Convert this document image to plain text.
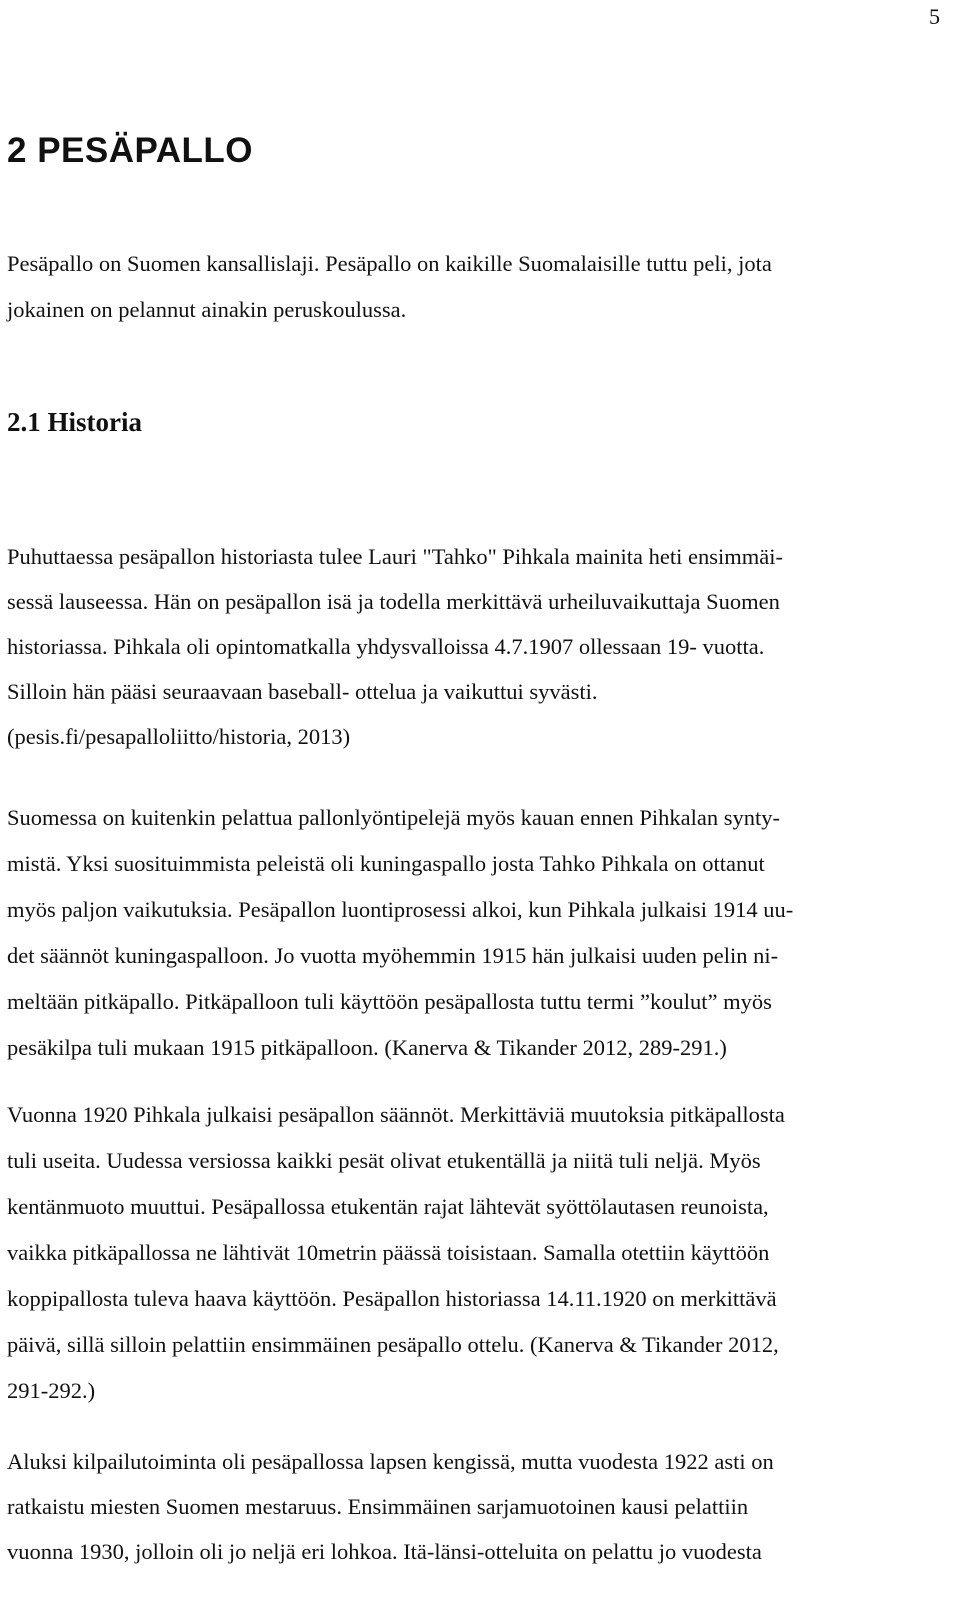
5
2 PESÄPALLO

Pesäpallo on Suomen kansallislaji. Pesäpallo on kaikille Suomalaisille tuttu peli, jota
jokainen on pelannut ainakin peruskoulussa.

2.1 Historia

Puhuttaessa pesäpallon historiasta tulee Lauri "Tahko" Pihkala mainita heti ensimmäi-
sessä lauseessa. Hän on pesäpallon isä ja todella merkittävä urheiluvaikuttaja Suomen
historiassa. Pihkala oli opintomatkalla yhdysvalloissa 4.7.1907 ollessaan 19- vuotta.
Silloin hän pääsi seuraavaan baseball- ottelua ja vaikuttui syvästi.
(pesis.fi/pesapalloliitto/historia, 2013)

Suomessa on kuitenkin pelattua pallonlyöntipelejä myös kauan ennen Pihkalan synty-
mistä. Yksi suosituimmista peleistä oli kuningaspallo josta Tahko Pihkala on ottanut
myös paljon vaikutuksia. Pesäpallon luontiprosessi alkoi, kun Pihkala julkaisi 1914 uu-
det säännöt kuningaspalloon. Jo vuotta myöhemmin 1915 hän julkaisi uuden pelin ni-
meltään pitkäpallo. Pitkäpalloon tuli käyttöön pesäpallosta tuttu termi ”koulut” myös
pesäkilpa tuli mukaan 1915 pitkäpalloon. (Kanerva & Tikander 2012, 289-291.)

Vuonna 1920 Pihkala julkaisi pesäpallon säännöt. Merkittäviä muutoksia pitkäpallosta
tuli useita. Uudessa versiossa kaikki pesät olivat etukentällä ja niitä tuli neljä. Myös
kentänmuoto muuttui. Pesäpallossa etukentän rajat lähtevät syöttölautasen reunoista,
vaikka pitkäpallossa ne lähtivät 10metrin päässä toisistaan. Samalla otettiin käyttöön
koppipallosta tuleva haava käyttöön. Pesäpallon historiassa 14.11.1920 on merkittävä
päivä, sillä silloin pelattiin ensimmäinen pesäpallo ottelu. (Kanerva & Tikander 2012,
291-292.)

Aluksi kilpailutoiminta oli pesäpallossa lapsen kengissä, mutta vuodesta 1922 asti on
ratkaistu miesten Suomen mestaruus. Ensimmäinen sarjamuotoinen kausi pelattiin
vuonna 1930, jolloin oli jo neljä eri lohkoa. Itä-länsi-otteluita on pelattu jo vuodesta
